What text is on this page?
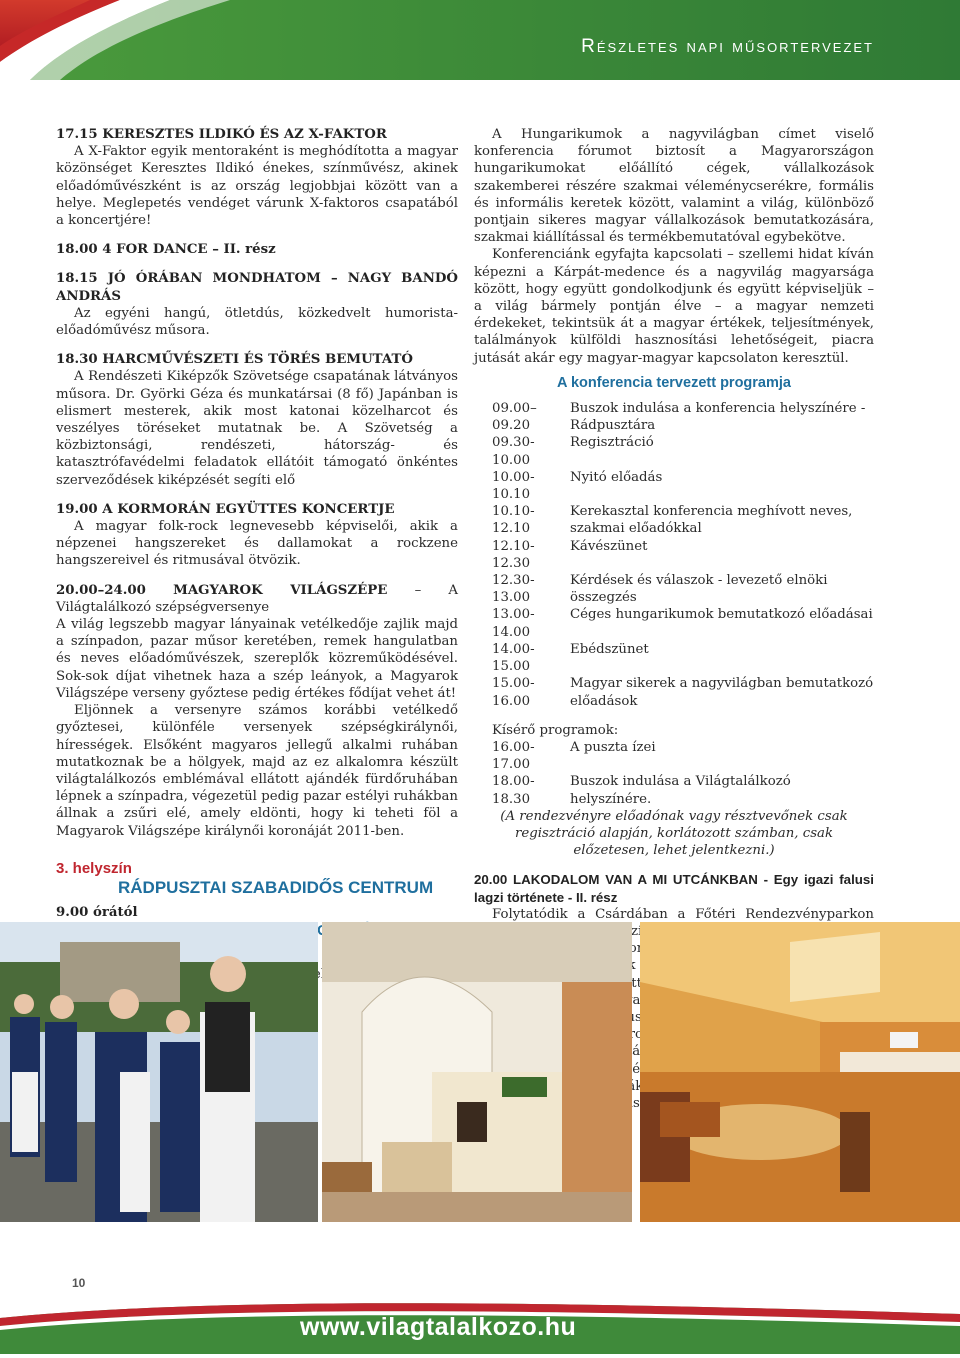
Részletes napi műsortervezet

17.15 KERESZTES ILDIKÓ ÉS AZ X-FAKTOR

A X-Faktor egyik mentoraként is meghódította a magyar közönséget Keresztes Ildikó énekes, színművész, akinek előadóművészként is az ország legjobbjai között van a helye. Meglepetés vendéget várunk X-faktoros csapatából a koncertjére!

18.00 4 FOR DANCE – II. rész

18.15 JÓ ÓRÁBAN MONDHATOM – NAGY BANDÓ ANDRÁS

Az egyéni hangú, ötletdús, közkedvelt humorista-előadóművész műsora.

18.30 HARCMŰVÉSZETI ÉS TÖRÉS BEMUTATÓ

A Rendészeti Kiképzők Szövetsége csapatának látványos műsora. Dr. Györki Géza és munkatársai (8 fő) Japánban is elismert mesterek, akik most katonai közelharcot és veszélyes töréseket mutatnak be. A Szövetség a közbiztonsági, rendészeti, hátország- és katasztrófavédelmi feladatok ellátóit támogató önkéntes szerveződések kiképzését segíti elő

19.00 A KORMORÁN EGYÜTTES KONCERTJE

A magyar folk-rock legnevesebb képviselői, akik a népzenei hangszereket és dallamokat a rockzene hangszereivel és ritmusával ötvözik.

20.00–24.00 MAGYAROK VILÁGSZÉPE – A Világtalálkozó szépségversenye

A világ legszebb magyar lányainak vetélkedője zajlik majd a színpadon, pazar műsor keretében, remek hangulatban és neves előadóművészek, szereplők közreműködésével. Sok-sok díjat vihetnek haza a szép leányok, a Magyarok Világszépe verseny győztese pedig értékes fődíjat vehet át!

Eljönnek a versenyre számos korábbi vetélkedő győztesei, különféle versenyek szépségkirálynői, hírességek. Elsőként magyaros jellegű alkalmi ruhában mutatkoznak be a hölgyek, majd az ez alkalomra készült világtalálkozós emblémával ellátott ajándék fürdőruhában lépnek a színpadra, végezetül pedig pazar estélyi ruhákban állnak a zsűri elé, amely eldönti, hogy ki teheti föl a Magyarok Világszépe királynői koronáját 2011-ben.

3. helyszín

RÁDPUSZTAI SZABADIDŐS CENTRUM

9.00 órától

A Hungarikumok a nagyvilágban címet viselő konferencia fórumot biztosít a Magyarországon hungarikumokat előállító cégek, vállalkozások szakemberei részére szakmai véleménycserékre, formális és informális keretek között, valamint a világ, különböző pontjain sikeres magyar vállalkozások bemutatkozására, szakmai kiállítással és termékbemutatóval egybekötve.

Konferenciánk egyfajta kapcsolati – szellemi hidat kíván képezni a Kárpát-medence és a nagyvilág magyarsága között, hogy együtt gondolkodjunk és együtt képviseljük – a világ bármely pontján élve – a magyar nemzeti érdekeket, tekintsük át a magyar értékek, teljesítmények, találmányok külföldi hasznosítási lehetőségeit, piacra jutását akár egy magyar-magyar kapcsolaton keresztül.

A konferencia tervezett programja

09.00–09.20
Buszok indulása a konferencia helyszínére - Rádpusztára
09.30-10.00
Regisztráció
10.00-10.10
Nyitó előadás
10.10-12.10
Kerekasztal konferencia meghívott neves, szakmai előadókkal
12.10-12.30
Kávészünet
12.30-13.00
Kérdések és válaszok - levezető elnöki összegzés
13.00-14.00
Céges hungarikumok bemutatkozó előadásai
14.00-15.00
Ebédszünet
15.00-16.00
Magyar sikerek a nagyvilágban bemutatkozó előadások

Kísérő programok:

16.00-17.00
A puszta ízei
18.00-18.30
Buszok indulása a Világtalálkozó helyszínére.

(A rendezvényre előadónak vagy résztvevőnek csak regisztráció alapján, korlátozott számban, csak előzetesen, lehet jelentkezni.)

20.00 LAKODALOM VAN A MI UTCÁNKBAN - Egy igazi falusi lagzi története - II. rész

Folytatódik a Csárdában a Főtéri Rendezvényparkon vettek és

10
www.vilagtalalkozo.hu
